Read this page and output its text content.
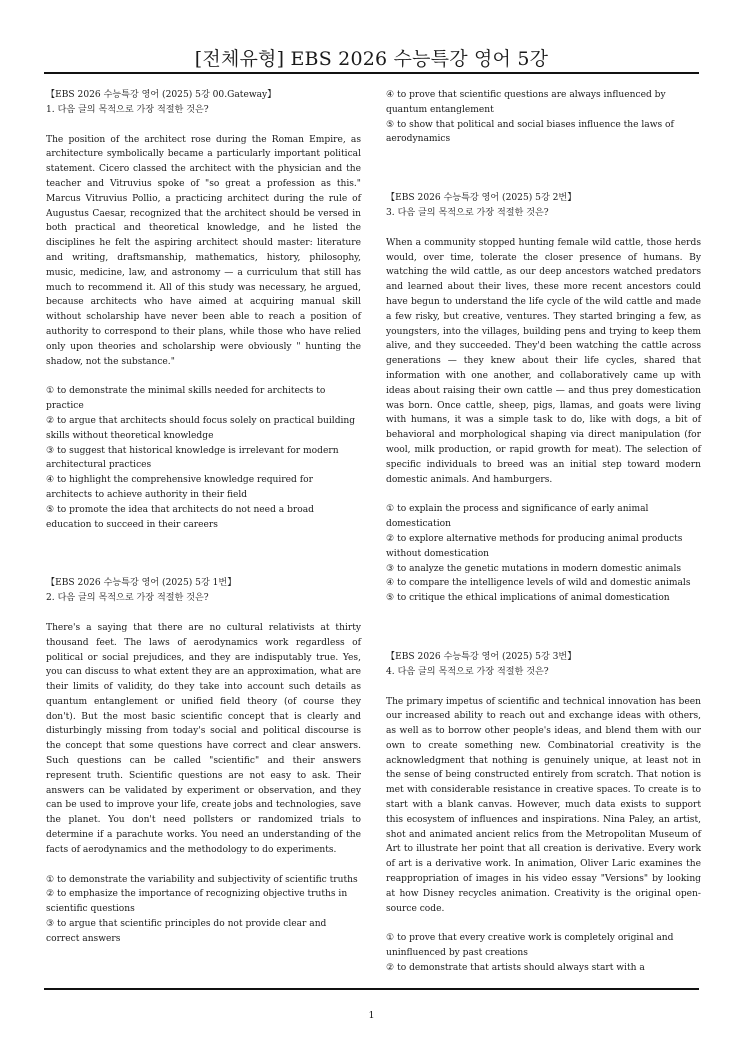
[전체유형] EBS 2026 수능특강 영어 5강

【EBS 2026 수능특강 영어 (2025) 5강 00.Gateway】

1. 다음 글의 목적으로 가장 적절한 것은?

The position of the architect rose during the Roman Empire, as architecture symbolically became a particularly important political statement. Cicero classed the architect with the physician and the teacher and Vitruvius spoke of "so great a profession as this." Marcus Vitruvius Pollio, a practicing architect during the rule of Augustus Caesar, recognized that the architect should be versed in both practical and theoretical knowledge, and he listed the disciplines he felt the aspiring architect should master: literature and writing, draftsmanship, mathematics, history, philosophy, music, medicine, law, and astronomy — a curriculum that still has much to recommend it. All of this study was necessary, he argued, because architects who have aimed at acquiring manual skill without scholarship have never been able to reach a position of authority to correspond to their plans, while those who have relied only upon theories and scholarship were obviously " hunting the shadow, not the substance."

① to demonstrate the minimal skills needed for architects to practice

② to argue that architects should focus solely on practical building skills without theoretical knowledge

③ to suggest that historical knowledge is irrelevant for modern architectural practices

④ to highlight the comprehensive knowledge required for architects to achieve authority in their field

⑤ to promote the idea that architects do not need a broad education to succeed in their careers

【EBS 2026 수능특강 영어 (2025) 5강 1번】

2. 다음 글의 목적으로 가장 적절한 것은?

There's a saying that there are no cultural relativists at thirty thousand feet. The laws of aerodynamics work regardless of political or social prejudices, and they are indisputably true. Yes, you can discuss to what extent they are an approximation, what are their limits of validity, do they take into account such details as quantum entanglement or unified field theory (of course they don't). But the most basic scientific concept that is clearly and disturbingly missing from today's social and political discourse is the concept that some questions have correct and clear answers. Such questions can be called "scientific" and their answers represent truth. Scientific questions are not easy to ask. Their answers can be validated by experiment or observation, and they can be used to improve your life, create jobs and technologies, save the planet. You don't need pollsters or randomized trials to determine if a parachute works. You need an understanding of the facts of aerodynamics and the methodology to do experiments.

① to demonstrate the variability and subjectivity of scientific truths

② to emphasize the importance of recognizing objective truths in scientific questions

③ to argue that scientific principles do not provide clear and correct answers

④ to prove that scientific questions are always influenced by quantum entanglement

⑤ to show that political and social biases influence the laws of aerodynamics

【EBS 2026 수능특강 영어 (2025) 5강 2번】

3. 다음 글의 목적으로 가장 적절한 것은?

When a community stopped hunting female wild cattle, those herds would, over time, tolerate the closer presence of humans. By watching the wild cattle, as our deep ancestors watched predators and learned about their lives, these more recent ancestors could have begun to understand the life cycle of the wild cattle and made a few risky, but creative, ventures. They started bringing a few, as youngsters, into the villages, building pens and trying to keep them alive, and they succeeded. They'd been watching the cattle across generations — they knew about their life cycles, shared that information with one another, and collaboratively came up with ideas about raising their own cattle — and thus prey domestication was born. Once cattle, sheep, pigs, llamas, and goats were living with humans, it was a simple task to do, like with dogs, a bit of behavioral and morphological shaping via direct manipulation (for wool, milk production, or rapid growth for meat). The selection of specific individuals to breed was an initial step toward modern domestic animals. And hamburgers.

① to explain the process and significance of early animal domestication

② to explore alternative methods for producing animal products without domestication

③ to analyze the genetic mutations in modern domestic animals

④ to compare the intelligence levels of wild and domestic animals

⑤ to critique the ethical implications of animal domestication

【EBS 2026 수능특강 영어 (2025) 5강 3번】

4. 다음 글의 목적으로 가장 적절한 것은?

The primary impetus of scientific and technical innovation has been our increased ability to reach out and exchange ideas with others, as well as to borrow other people's ideas, and blend them with our own to create something new. Combinatorial creativity is the acknowledgment that nothing is genuinely unique, at least not in the sense of being constructed entirely from scratch. That notion is met with considerable resistance in creative spaces. To create is to start with a blank canvas. However, much data exists to support this ecosystem of influences and inspirations. Nina Paley, an artist, shot and animated ancient relics from the Metropolitan Museum of Art to illustrate her point that all creation is derivative. Every work of art is a derivative work. In animation, Oliver Laric examines the reappropriation of images in his video essay "Versions" by looking at how Disney recycles animation. Creativity is the original open-source code.

① to prove that every creative work is completely original and uninfluenced by past creations

② to demonstrate that artists should always start with a

1
